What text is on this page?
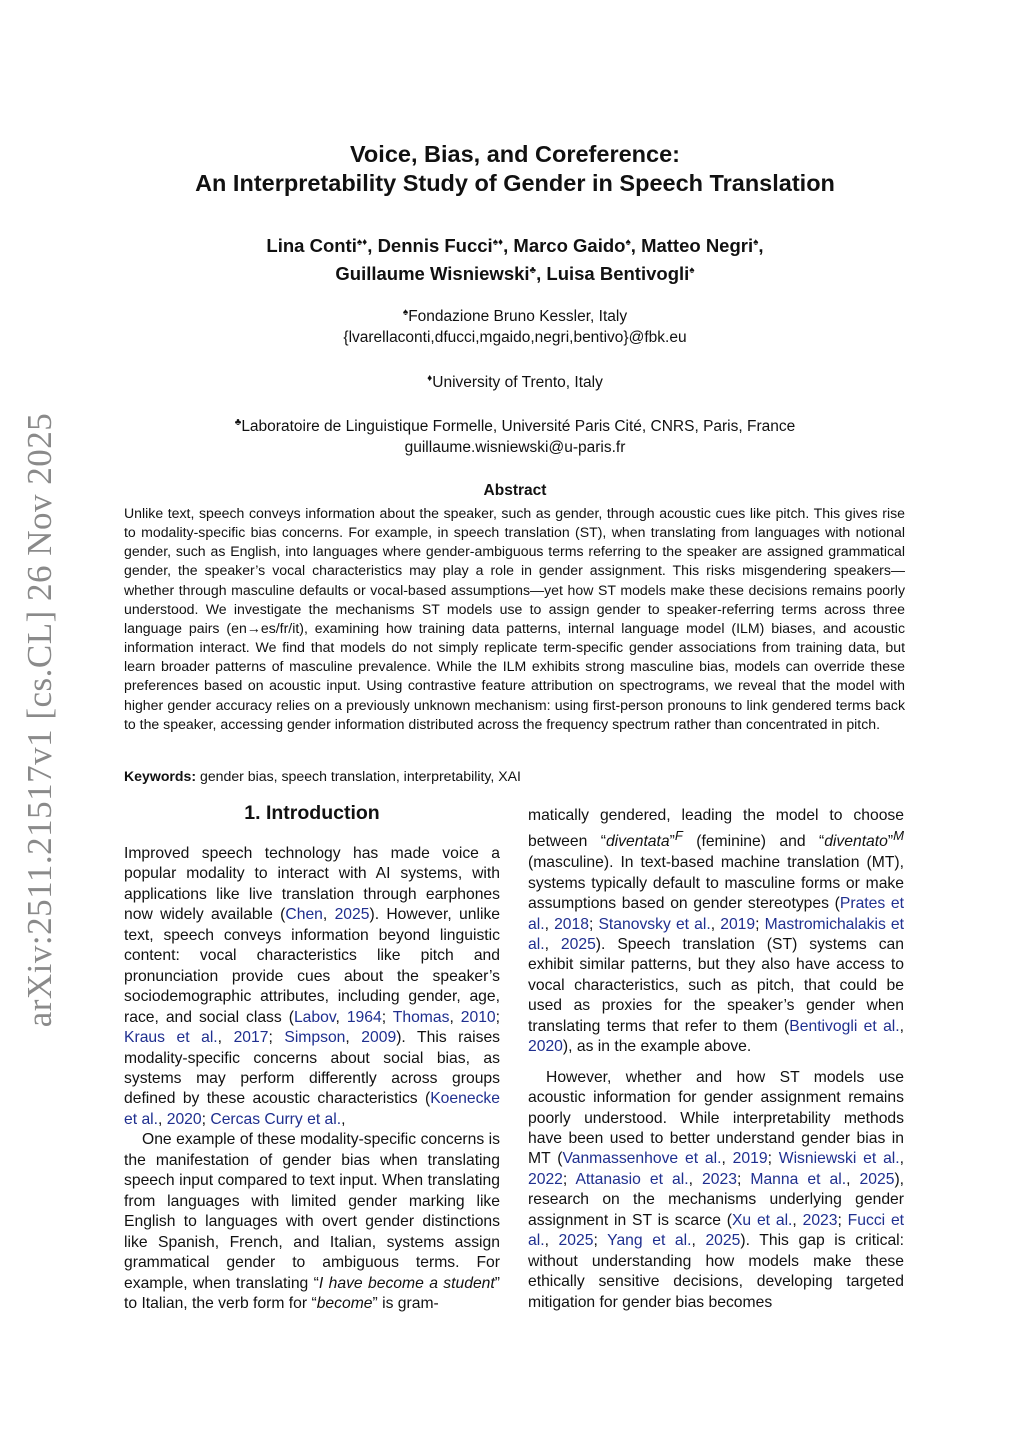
arXiv:2511.21517v1 [cs.CL] 26 Nov 2025
Voice, Bias, and Coreference:
An Interpretability Study of Gender in Speech Translation
Lina Conti♠♦, Dennis Fucci♠♦, Marco Gaido♠, Matteo Negri♠,
Guillaume Wisniewski♣, Luisa Bentivogli♠
♠Fondazione Bruno Kessler, Italy
{lvarellaconti,dfucci,mgaido,negri,bentivo}@fbk.eu
♦University of Trento, Italy
♣Laboratoire de Linguistique Formelle, Université Paris Cité, CNRS, Paris, France
guillaume.wisniewski@u-paris.fr
Abstract
Unlike text, speech conveys information about the speaker, such as gender, through acoustic cues like pitch. This gives rise to modality-specific bias concerns. For example, in speech translation (ST), when translating from languages with notional gender, such as English, into languages where gender-ambiguous terms referring to the speaker are assigned grammatical gender, the speaker’s vocal characteristics may play a role in gender assignment. This risks misgendering speakers—whether through masculine defaults or vocal-based assumptions—yet how ST models make these decisions remains poorly understood. We investigate the mechanisms ST models use to assign gender to speaker-referring terms across three language pairs (en→es/fr/it), examining how training data patterns, internal language model (ILM) biases, and acoustic information interact. We find that models do not simply replicate term-specific gender associations from training data, but learn broader patterns of masculine prevalence. While the ILM exhibits strong masculine bias, models can override these preferences based on acoustic input. Using contrastive feature attribution on spectrograms, we reveal that the model with higher gender accuracy relies on a previously unknown mechanism: using first-person pronouns to link gendered terms back to the speaker, accessing gender information distributed across the frequency spectrum rather than concentrated in pitch.
Keywords: gender bias, speech translation, interpretability, XAI
1. Introduction

Improved speech technology has made voice a popular modality to interact with AI systems, with applications like live translation through earphones now widely available (Chen, 2025). However, unlike text, speech conveys information beyond linguistic content: vocal characteristics like pitch and pronunciation provide cues about the speaker’s sociodemographic attributes, including gender, age, race, and social class (Labov, 1964; Thomas, 2010; Kraus et al., 2017; Simpson, 2009). This raises modality-specific concerns about social bias, as systems may perform differently across groups defined by these acoustic characteristics (Koenecke et al., 2020; Cercas Curry et al.,

One example of these modality-specific concerns is the manifestation of gender bias when translating speech input compared to text input. When translating from languages with limited gender marking like English to languages with overt gender distinctions like Spanish, French, and Italian, systems assign grammatical gender to ambiguous terms. For example, when translating “I have become a student” to Italian, the verb form for “become” is gram-

matically gendered, leading the model to choose between “diventata”$^F$ (feminine) and “diventato”$^M$ (masculine). In text-based machine translation (MT), systems typically default to masculine forms or make assumptions based on gender stereotypes (Prates et al., 2018; Stanovsky et al., 2019; Mastromichalakis et al., 2025). Speech translation (ST) systems can exhibit similar patterns, but they also have access to vocal characteristics, such as pitch, that could be used as proxies for the speaker’s gender when translating terms that refer to them (Bentivogli et al., 2020), as in the example above.

However, whether and how ST models use acoustic information for gender assignment remains poorly understood. While interpretability methods have been used to better understand gender bias in MT (Vanmassenhove et al., 2019; Wisniewski et al., 2022; Attanasio et al., 2023; Manna et al., 2025), research on the mechanisms underlying gender assignment in ST is scarce (Xu et al., 2023; Fucci et al., 2025; Yang et al., 2025). This gap is critical: without understanding how models make these ethically sensitive decisions, developing targeted mitigation for gender bias becomes
